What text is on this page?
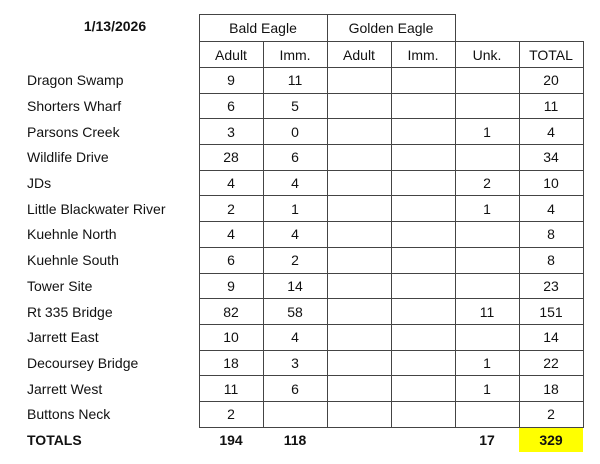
1/13/2026
		Bald Eagle		Golden Eagle			
	Adult	Imm.	Adult	Imm.	Unk.	TOTAL
Dragon Swamp	9	11				20
Shorters Wharf	6	5				11
Parsons Creek	3	0			1	4
Wildlife Drive	28	6				34
JDs	4	4			2	10
Little Blackwater River	2	1			1	4
Kuehnle North	4	4				8
Kuehnle South	6	2				8
Tower Site	9	14				23
Rt 335 Bridge	82	58			11	151
Jarrett East	10	4				14
Decoursey Bridge	18	3			1	22
Jarrett West	11	6			1	18
Buttons Neck	2					2
TOTALS	194	118			17	329
